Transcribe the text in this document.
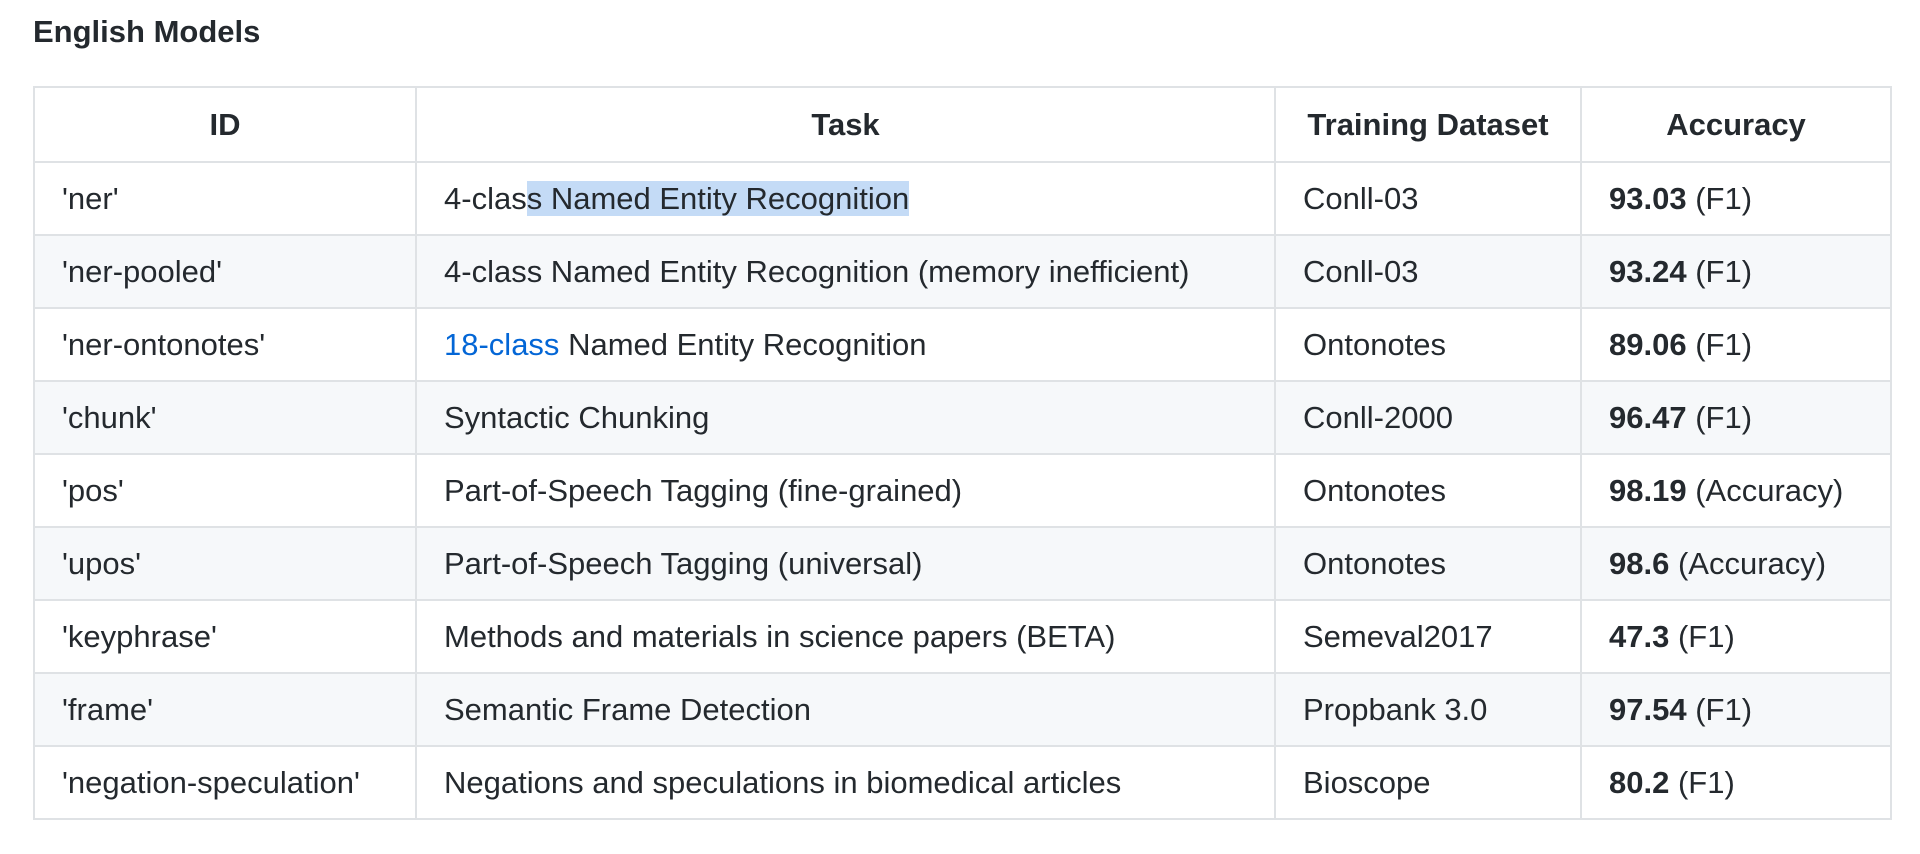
English Models
ID	Task	Training Dataset	Accuracy
'ner'	4-class Named Entity Recognition	Conll-03	93.03 (F1)
'ner-pooled'	4-class Named Entity Recognition (memory inefficient)	Conll-03	93.24 (F1)
'ner-ontonotes'	18-class Named Entity Recognition	Ontonotes	89.06 (F1)
'chunk'	Syntactic Chunking	Conll-2000	96.47 (F1)
'pos'	Part-of-Speech Tagging (fine-grained)	Ontonotes	98.19 (Accuracy)
'upos'	Part-of-Speech Tagging (universal)	Ontonotes	98.6 (Accuracy)
'keyphrase'	Methods and materials in science papers (BETA)	Semeval2017	47.3 (F1)
'frame'	Semantic Frame Detection	Propbank 3.0	97.54 (F1)
'negation-speculation'	Negations and speculations in biomedical articles	Bioscope	80.2 (F1)
